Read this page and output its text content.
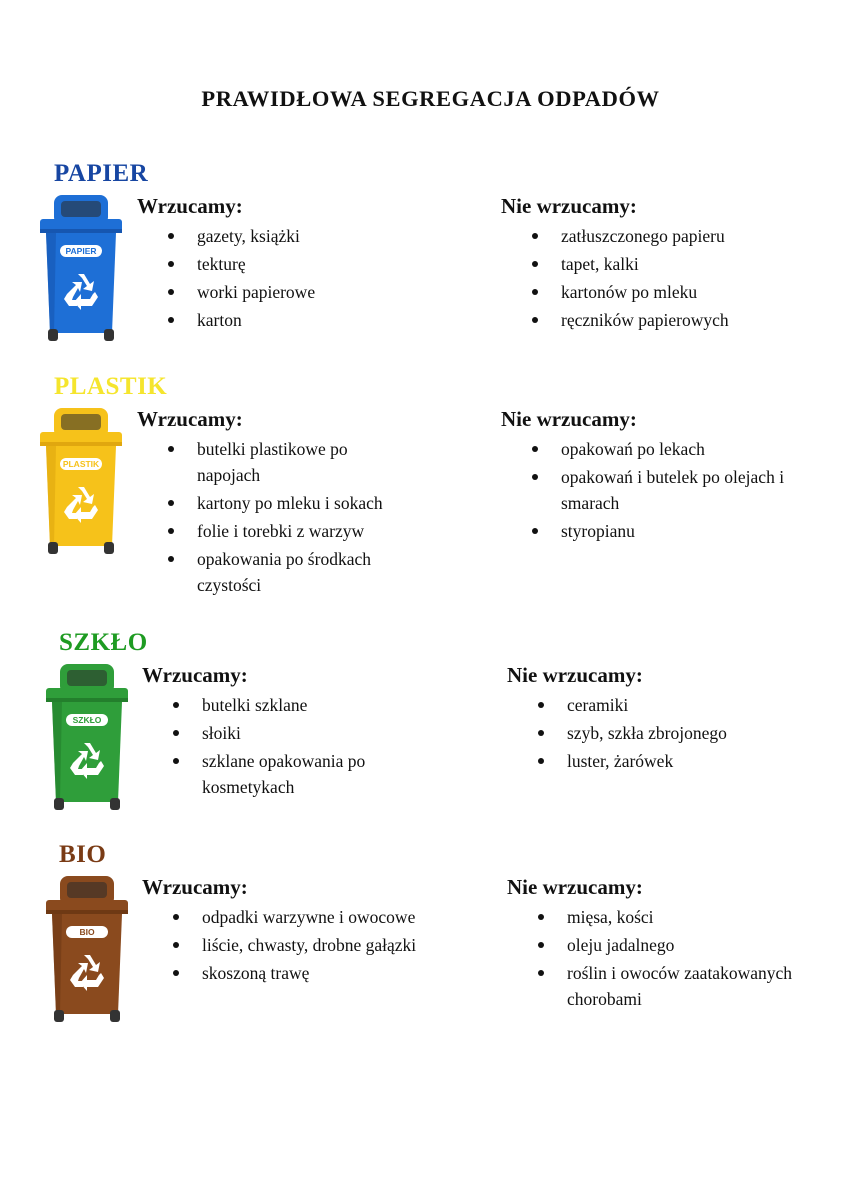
PRAWIDŁOWA SEGREGACJA ODPADÓW
PAPIER
PAPIER
Wrzucamy:
gazety, książki
tekturę
worki papierowe
karton
Nie wrzucamy:
zatłuszczonego papieru
tapet, kalki
kartonów po mleku
ręczników papierowych
PLASTIK
PLASTIK
Wrzucamy:
butelki plastikowe po napojach
kartony po mleku i sokach
folie i torebki z warzyw
opakowania po środkach czystości
Nie wrzucamy:
opakowań po lekach
opakowań i butelek po olejach i smarach
styropianu
SZKŁO
SZKŁO
Wrzucamy:
butelki szklane
słoiki
szklane opakowania po kosmetykach
Nie wrzucamy:
ceramiki
szyb, szkła zbrojonego
luster, żarówek
BIO
BIO
Wrzucamy:
odpadki warzywne i owocowe
liście, chwasty, drobne gałązki
skoszoną trawę
Nie wrzucamy:
mięsa, kości
oleju jadalnego
roślin i owoców zaatakowanych chorobami
